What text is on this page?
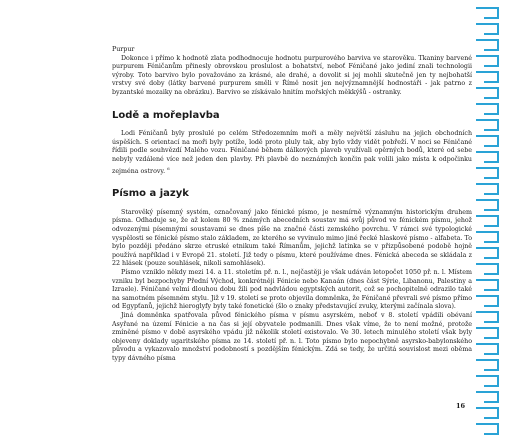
Purpur

Dokonce i přímo k hodnotě zlata podhodnocuje hodnotu purpurového barviva ve starověku. Tkaniny barvené purpurem Féničanům přinesly obrovskou proslulost a bohatství, neboť Féničané jako jediní znali technologii výroby. Toto barvivo bylo považováno za krásné, ale drahé, a dovolit si jej mohli skutečně jen ty nejbohatší vrstvy své doby (látky barvené purpurem směli v Římě nosit jen nejvýznamnější hodnostáři - jak patrno z byzantské mozaiky na obrázku). Barvivo se získávalo hnitím mořských měkkýšů - ostranky.

Lodě a mořeplavba

Lodi Féničanů byly proslulé po celém Středozemním moři a měly největší zásluhu na jejich obchodních úspěších. S orientací na moři byly potíže, lodě proto pluly tak, aby bylo vždy vidět pobřeží. V noci se Féničané řídili podle souhvězdí Malého vozu. Féničané během dálkových plaveb využívali opěrných bodů, které od sebe nebyly vzdálené více než jeden den plavby. Při plavbě do neznámých končin pak volili jako místa k odpočinku zejména ostrovy. $^6$

Písmo a jazyk

Starověký písemný systém, označovaný jako fénické písmo, je nesmírně významným historickým druhem písma. Odhaduje se, že až kolem 80 % známých abecedních soustav má svůj původ ve fénickém písmu, jehož odvozenými písemnými soustavami se dnes píše na značné části zemského povrchu. V rámci své typologické vyspělosti se fénické písmo stalo základem, ze kterého se vyvinulo mimo jiné řecké hlaskové písmo - alfabeta. To bylo později předáno skrze etruské etnikum také Římanům, jejichž latinka se v přizpůsobené podobě hojně používá například i v Evropě 21. století. Již tedy o písmu, které používáme dnes. Fénická abeceda se skládala z 22 hlásek (pouze souhlásek, nikoli samohlásek).

Písmo vzniklo někdy mezi 14. a 11. stoletím př. n. l., nejčastěji je však udáván letopočet 1050 př. n. l. Místem vzniku byl bezpochyby Přední Východ, konkrétněji Fénicie nebo Kanaán (dnes část Sýrie, Libanonu, Palestiny a Izraele). Féničané velmi dlouhou dobu žili pod nadvládou egyptských autorit, což se pochopitelně odrazilo také na samotném písemném stylu. Již v 19. století se proto objevila domněnka, že Féničané převrali své písmo přímo od Egypťanů, jejichž hieroglyfy byly také fonetické (šlo o znaky představující zvuky, kterými začínala slova).

Jiná domněnka spatřovala původ fénického písma v písmu asyrském, neboť v 8. století vpádili obévaní Asyřané na území Fénicie a na čas si její obyvatele podmanili. Dnes však víme, že to není možné, protože zmíněné písmo v době asyrského vpádu již několik století existovalo. Ve 30. letech minulého století však byly objeveny doklady ugaritského písma ze 14. století př. n. l. Toto písmo bylo nepochybně asyrsko-babylonského původu a vykazovalo množství podobností s pozdějším fénickým. Zdá se tedy, že určitá souvislost mezi oběma typy dávného písma

16
